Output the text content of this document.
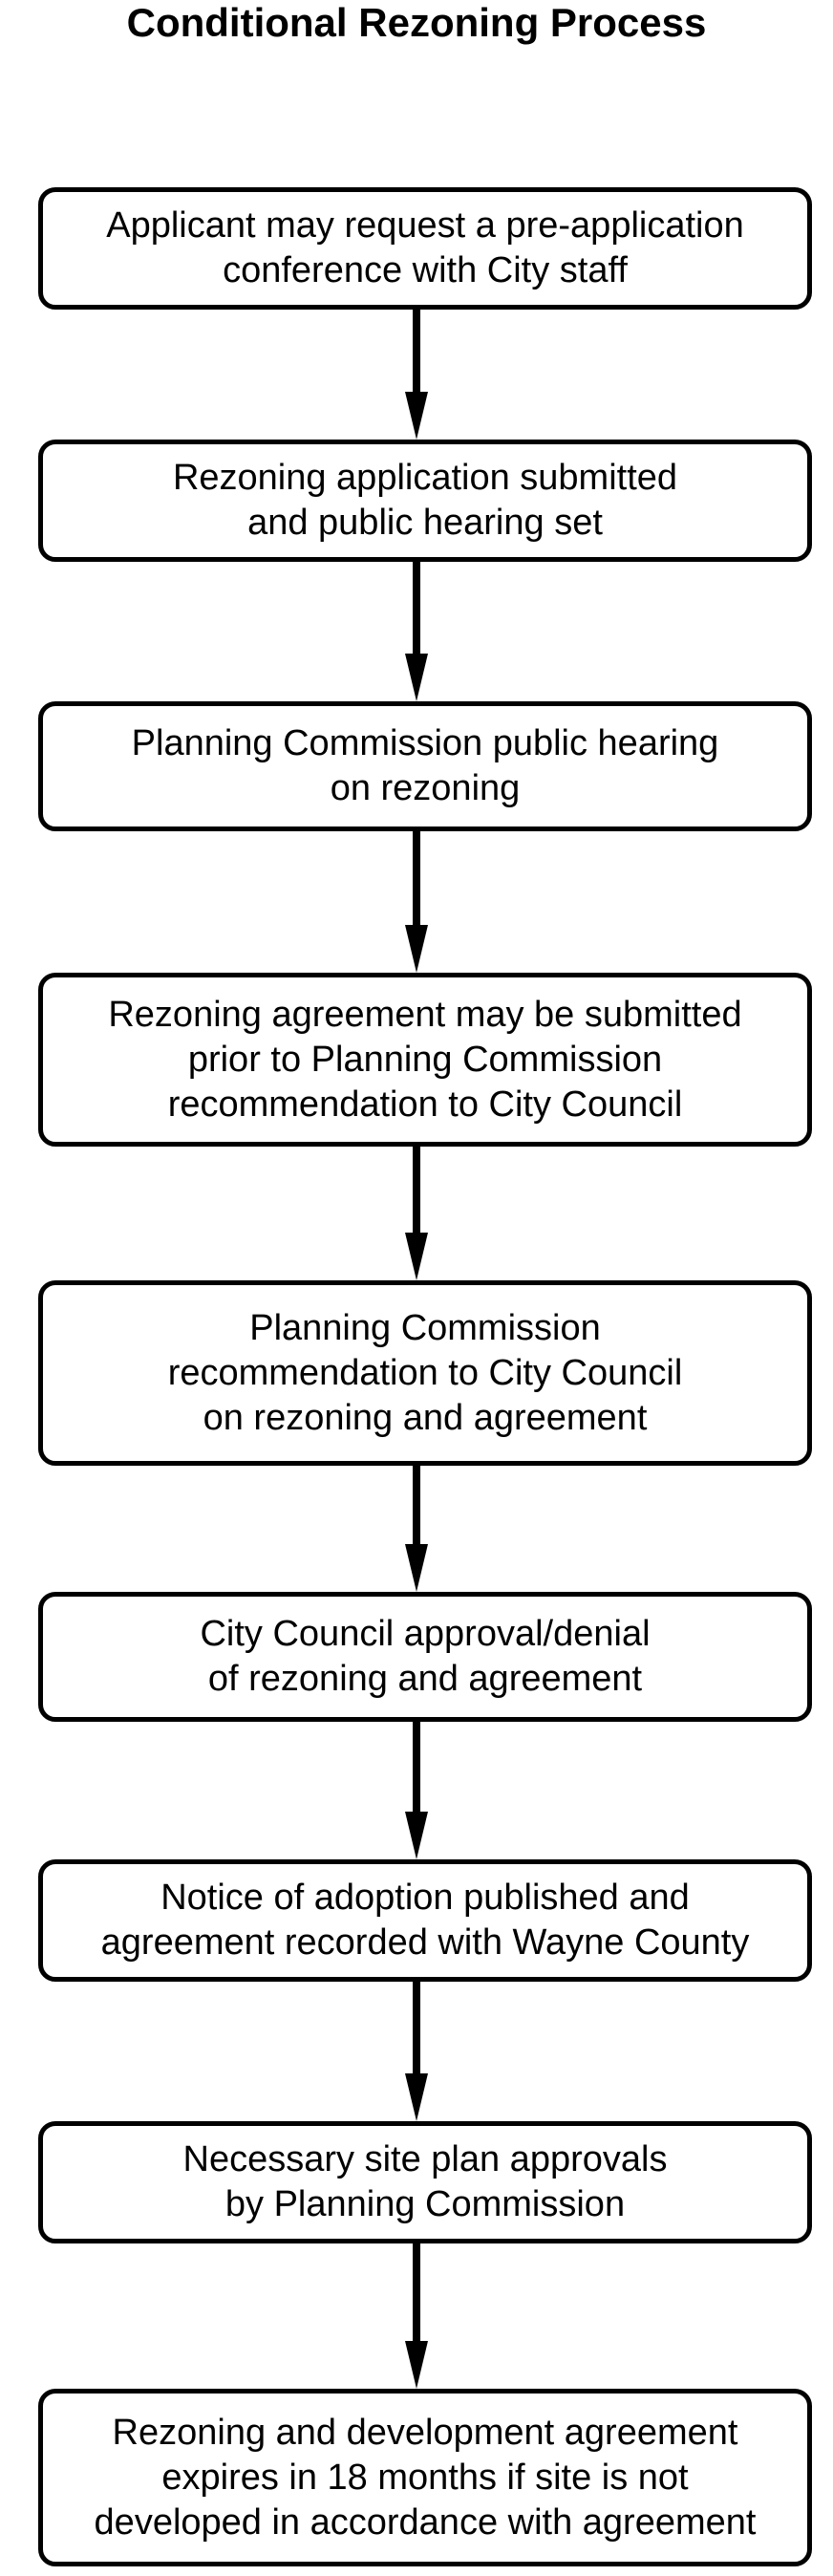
Conditional Rezoning Process
Applicant may request a pre-application
conference with City staff
Rezoning application submitted
and public hearing set
Planning Commission public hearing
on rezoning
Rezoning agreement may be submitted
prior to Planning Commission
recommendation to City Council
Planning Commission
recommendation to City Council
on rezoning and agreement
City Council approval/denial
of rezoning and agreement
Notice of adoption published and
agreement recorded with Wayne County
Necessary site plan approvals
by Planning Commission
Rezoning and development agreement
expires in 18 months if site is not
developed in accordance with agreement
